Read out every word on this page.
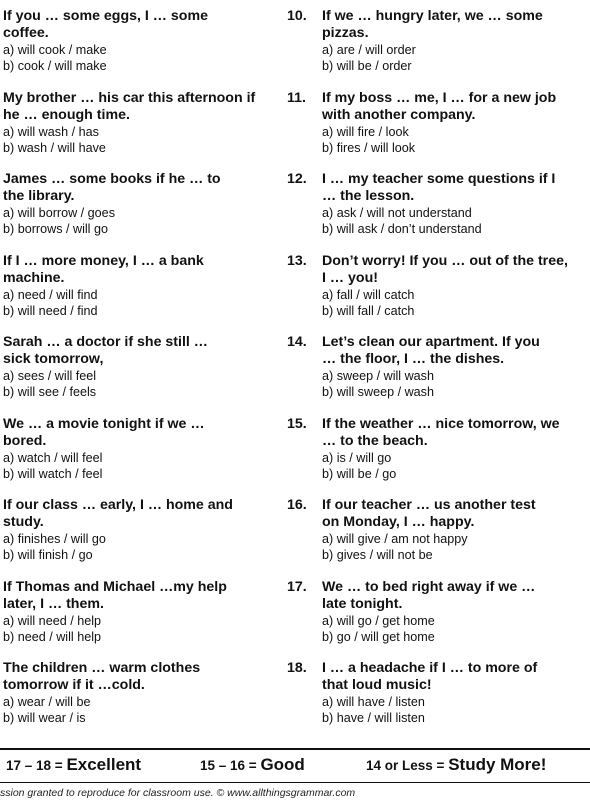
If you … some eggs, I … some

coffee.

a) will cook / make

b) cook / will make

My brother … his car this afternoon if

he … enough time.

a) will wash / has

b) wash / will have

James … some books if he … to

the library.

a) will borrow / goes

b) borrows / will go

If I … more money, I … a bank

machine.

a) need / will find

b) will need / find

Sarah … a doctor if she still …

sick tomorrow,

a) sees / will feel

b) will see / feels

We … a movie tonight if we …

bored.

a) watch / will feel

b) will watch / feel

If our class … early, I … home and

study.

a) finishes / will go

b) will finish / go

If Thomas and Michael …my help

later, I … them.

a) will need / help

b) need / will help

The children … warm clothes

tomorrow if it …cold.

a) wear / will be

b) will wear / is

10. If we … hungry later, we … some

pizzas.

a) are / will order

b) will be / order

11. If my boss … me, I … for a new job

with another company.

a) will fire / look

b) fires / will look

12. I … my teacher some questions if I

… the lesson.

a) ask / will not understand

b) will ask / don’t understand

13. Don’t worry! If you … out of the tree,

I … you!

a) fall / will catch

b) will fall / catch

14. Let’s clean our apartment. If you

… the floor, I … the dishes.

a) sweep / will wash

b) will sweep / wash

15. If the weather … nice tomorrow, we

… to the beach.

a) is / will go

b) will be / go

16. If our teacher … us another test

on Monday, I … happy.

a) will give / am not happy

b) gives / will not be

17. We … to bed right away if we …

late tonight.

a) will go / get home

b) go / will get home

18. I … a headache if I … to more of

that loud music!

a) will have / listen

b) have / will listen

17 – 18 = Excellent	15 – 16 = Good	14 or Less = Study More!
ssion granted to reproduce for classroom use. © www.allthingsgrammar.com
